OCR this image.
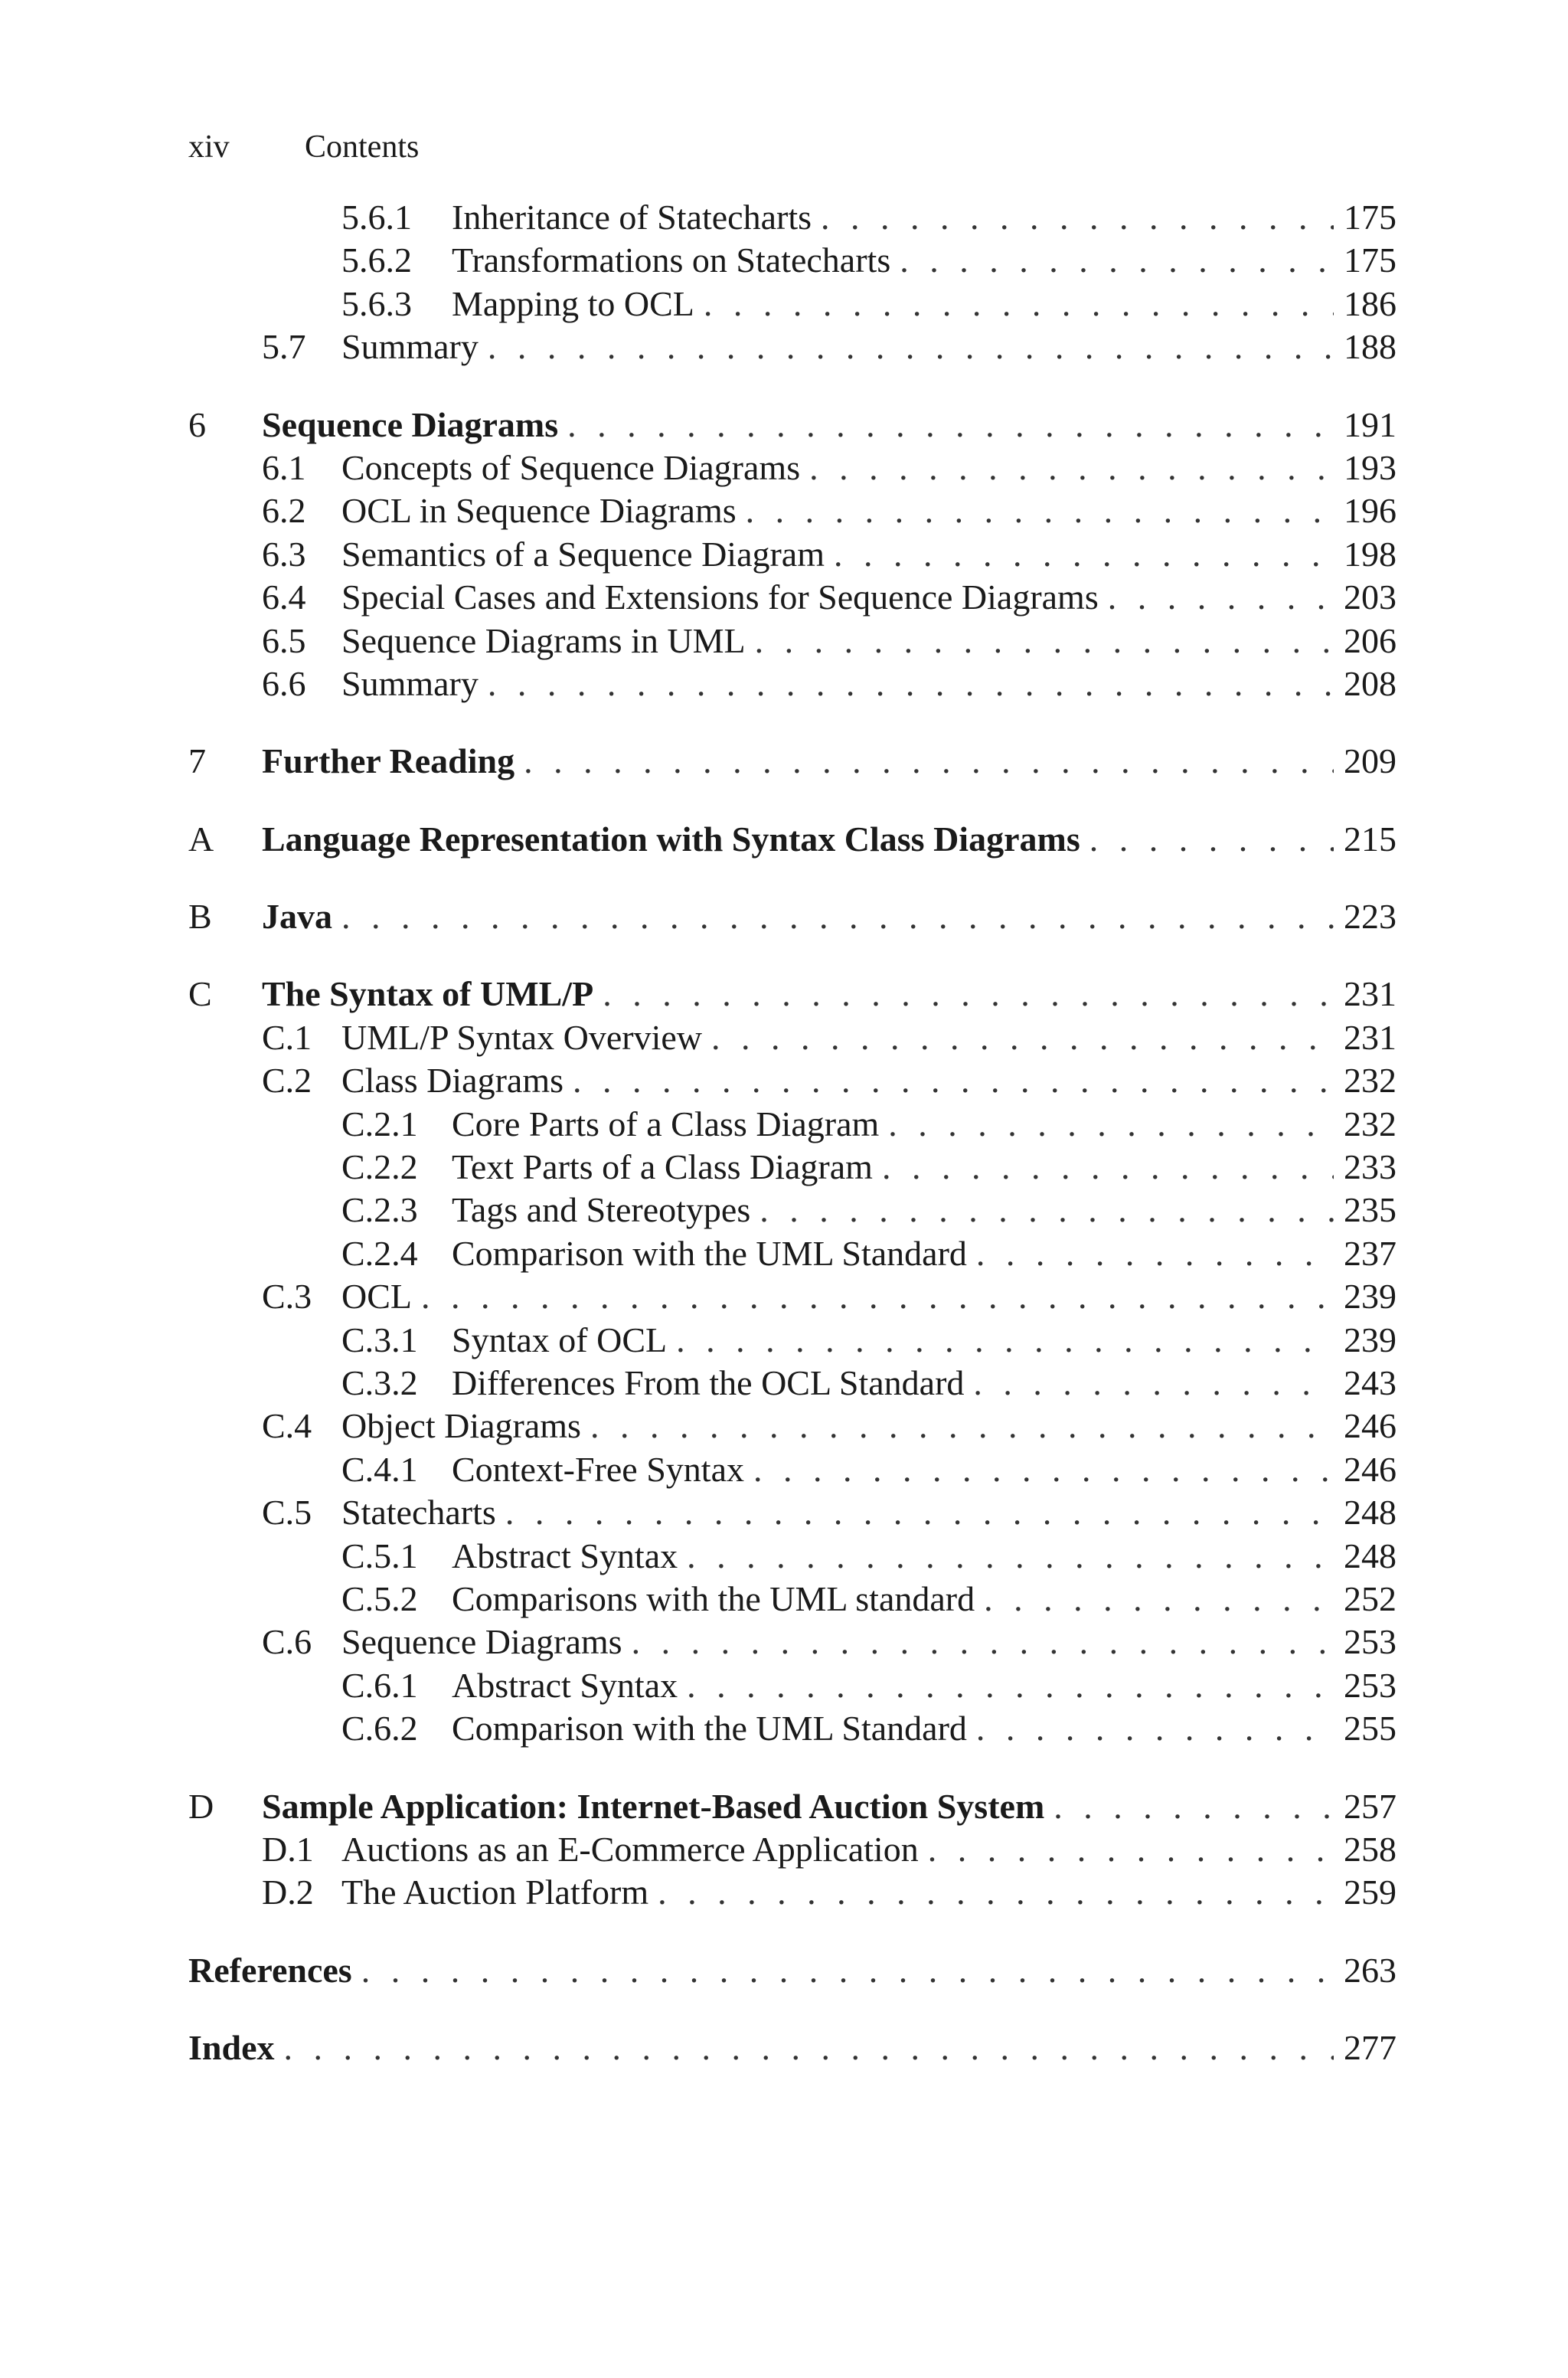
xiv Contents
5.6.1	Inheritance of Statecharts . . .	175
5.6.2	Transformations on Statecharts . . .	175
5.6.3	Mapping to OCL . . .	186
5.7	Summary . . .	188
6	Sequence Diagrams . . .	191
6.1	Concepts of Sequence Diagrams . . .	193
6.2	OCL in Sequence Diagrams . . .	196
6.3	Semantics of a Sequence Diagram . . .	198
6.4	Special Cases and Extensions for Sequence Diagrams . . .	203
6.5	Sequence Diagrams in UML . . .	206
6.6	Summary . . .	208
7	Further Reading . . .	209
A	Language Representation with Syntax Class Diagrams . . .	215
B	Java . . .	223
C	The Syntax of UML/P . . .	231
C.1 UML/P Syntax Overview . . .	231
C.2 Class Diagrams . . .	232
C.2.1 Core Parts of a Class Diagram . . .	232
C.2.2 Text Parts of a Class Diagram . . .	233
C.2.3 Tags and Stereotypes . . .	235
C.2.4 Comparison with the UML Standard . . .	237
C.3 OCL . . .	239
C.3.1 Syntax of OCL . . .	239
C.3.2 Differences From the OCL Standard . . .	243
C.4 Object Diagrams . . .	246
C.4.1 Context-Free Syntax . . .	246
C.5 Statecharts . . .	248
C.5.1 Abstract Syntax . . .	248
C.5.2 Comparisons with the UML standard . . .	252
C.6 Sequence Diagrams . . .	253
C.6.1 Abstract Syntax . . .	253
C.6.2 Comparison with the UML Standard . . .	255
D	Sample Application: Internet-Based Auction System . . .	257
D.1 Auctions as an E-Commerce Application . . .	258
D.2 The Auction Platform . . .	259
References . . .	263
Index . . .	277
